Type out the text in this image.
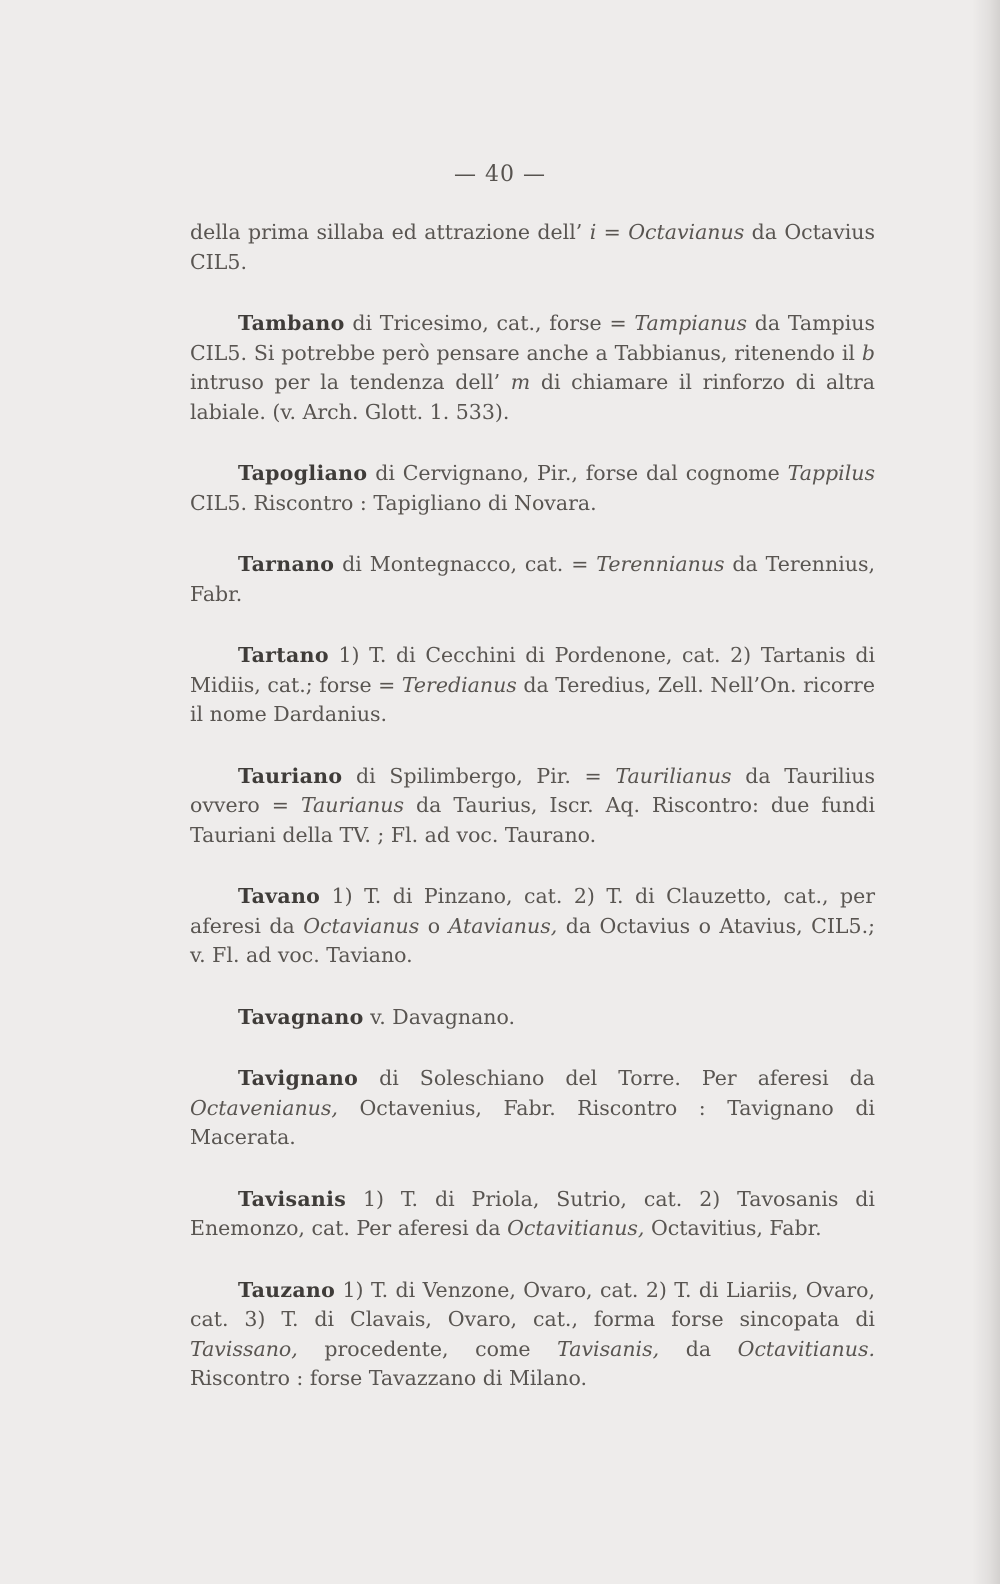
— 40 —

della prima sillaba ed attrazione dell’ i = Octavianus da Octavius CIL5.

Tambano di Tricesimo, cat., forse = Tampianus da Tampius CIL5. Si potrebbe però pensare anche a Tabbianus, ritenendo il b intruso per la tendenza dell’ m di chiamare il rinforzo di altra labiale. (v. Arch. Glott. 1. 533).

Tapogliano di Cervignano, Pir., forse dal cognome Tappilus CIL5. Riscontro : Tapigliano di Novara.

Tarnano di Montegnacco, cat. = Terennianus da Terennius, Fabr.

Tartano 1) T. di Cecchini di Pordenone, cat. 2) Tartanis di Midiis, cat.; forse = Teredianus da Teredius, Zell. Nell’On. ricorre il nome Dardanius.

Tauriano di Spilimbergo, Pir. = Taurilianus da Taurilius ovvero = Taurianus da Taurius, Iscr. Aq. Riscontro: due fundi Tauriani della TV. ; Fl. ad voc. Taurano.

Tavano 1) T. di Pinzano, cat. 2) T. di Clauzetto, cat., per aferesi da Octavianus o Atavianus, da Octavius o Atavius, CIL5.; v. Fl. ad voc. Taviano.

Tavagnano v. Davagnano.

Tavignano di Soleschiano del Torre. Per aferesi da Octavenianus, Octavenius, Fabr. Riscontro : Tavignano di Macerata.

Tavisanis 1) T. di Priola, Sutrio, cat. 2) Tavosanis di Enemonzo, cat. Per aferesi da Octavitianus, Octavitius, Fabr.

Tauzano 1) T. di Venzone, Ovaro, cat. 2) T. di Liariis, Ovaro, cat. 3) T. di Clavais, Ovaro, cat., forma forse sincopata di Tavissano, procedente, come Tavisanis, da Octavitianus. Riscontro : forse Tavazzano di Milano.
